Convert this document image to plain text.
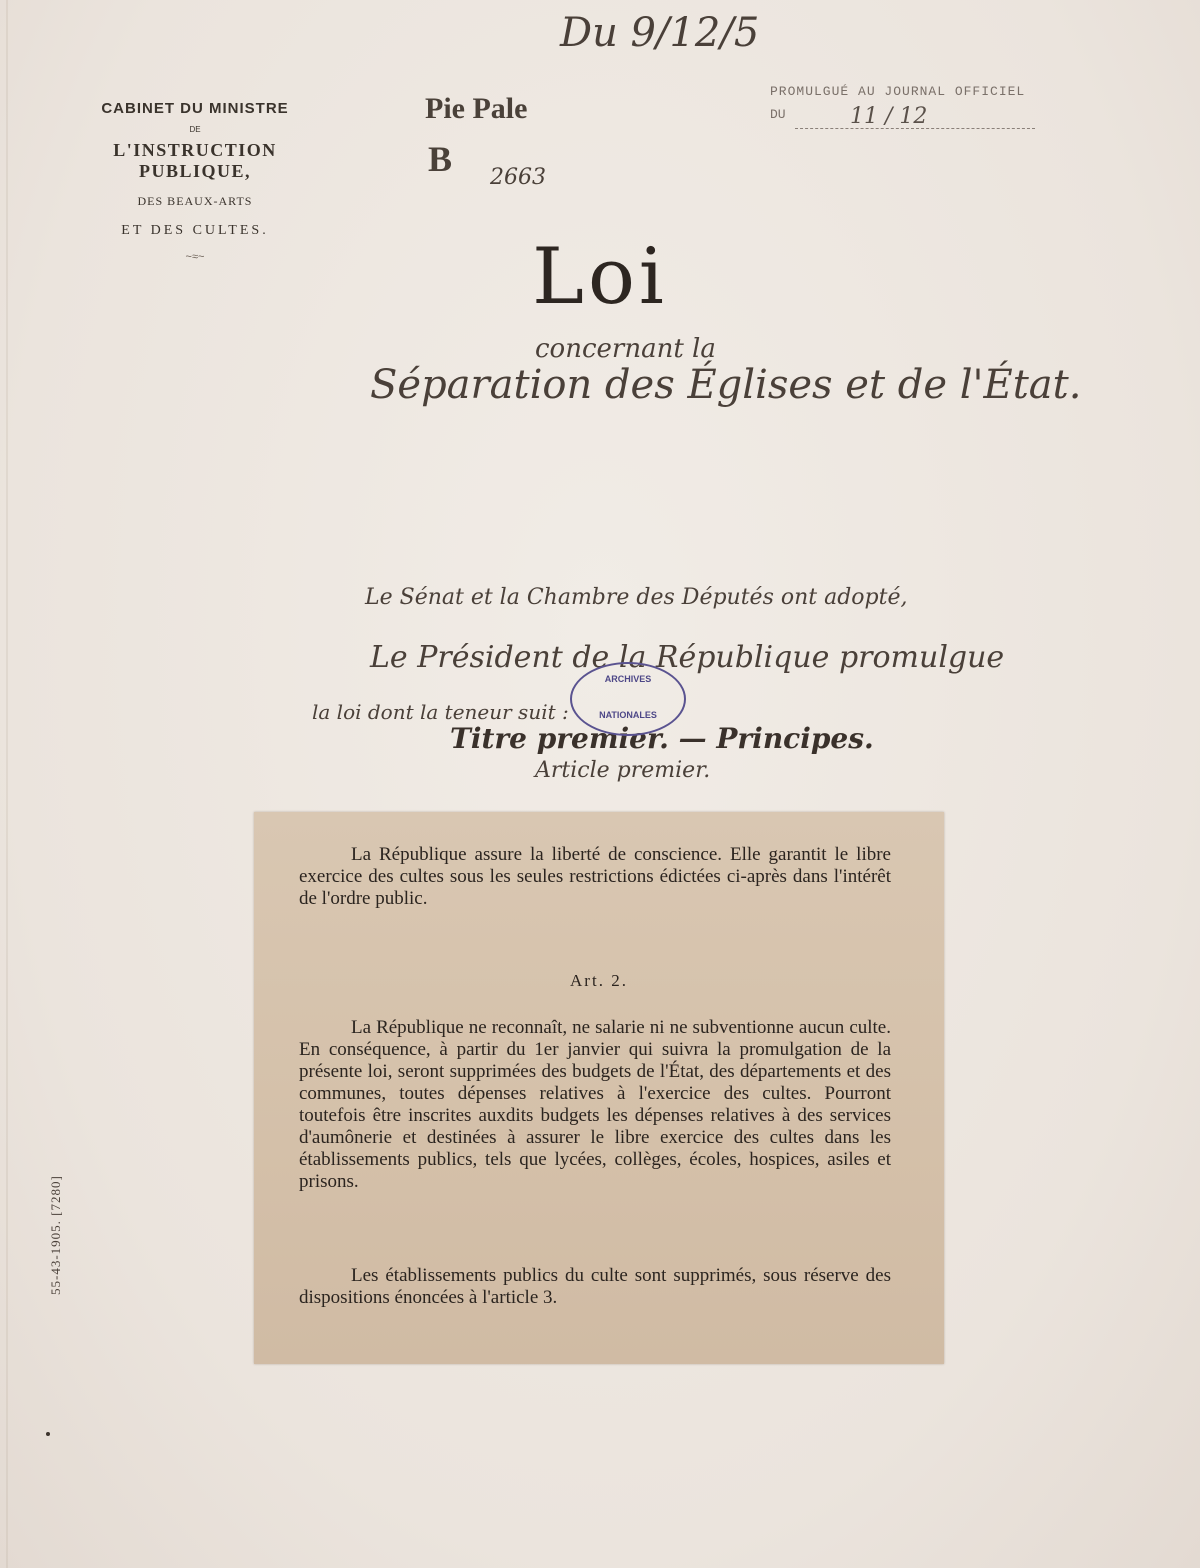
CABINET DU MINISTRE
DE
L'INSTRUCTION PUBLIQUE,
DES BEAUX-ARTS
ET DES CULTES.
~≈~
Du 9/12/5
Pie Pale
B 2663
PROMULGUÉ AU JOURNAL OFFICIEL
DU	11 / 12
Loi
concernant la
Séparation des Églises et de l'État.
Le Sénat et la Chambre des Députés ont adopté,
Le Président de la République promulgue
la loi dont la teneur suit :
Titre premier. — Principes.
Article premier.
ARCHIVES
NATIONALES

La République assure la liberté de conscience. Elle garantit le libre exercice des cultes sous les seules restrictions édictées ci-après dans l'intérêt de l'ordre public.

Art. 2.

La République ne reconnaît, ne salarie ni ne subventionne aucun culte. En conséquence, à partir du 1er janvier qui suivra la promulgation de la présente loi, seront supprimées des budgets de l'État, des départements et des communes, toutes dépenses relatives à l'exercice des cultes. Pourront toutefois être inscrites auxdits budgets les dépenses relatives à des services d'aumônerie et destinées à assurer le libre exercice des cultes dans les établissements publics, tels que lycées, collèges, écoles, hospices, asiles et prisons.

Les établissements publics du culte sont supprimés, sous réserve des dispositions énoncées à l'article 3.

55-43-1905. [7280]
